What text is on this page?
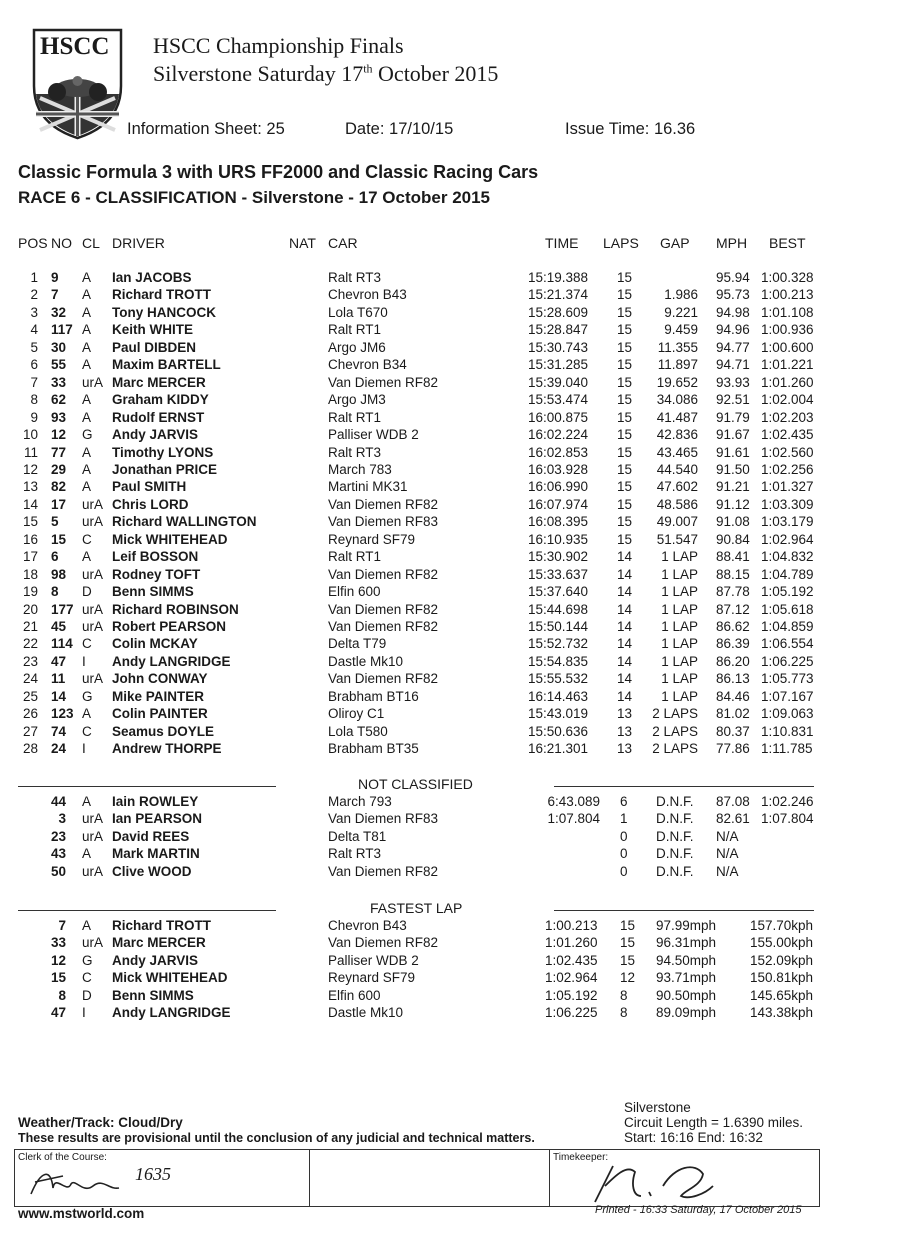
HSCC HSCC Championship Finals
Silverstone Saturday 17th October 2015
Information Sheet: 25	Date: 17/10/15	Issue Time: 16.36
Classic Formula 3 with URS FF2000 and Classic Racing Cars
RACE 6 - CLASSIFICATION - Silverstone - 17 October 2015
POS NO CL DRIVER	NAT CAR	TIME LAPS GAP MPH BEST
1 9 A Ian JACOBS	Ralt RT3	15:19.388 15	95.94 1:00.328
2 7 A Richard TROTT	Chevron B43	15:21.374 15	1.986 95.73 1:00.213
3 32 A Tony HANCOCK	Lola T670	15:28.609 15	9.221 94.98 1:01.108
4 117 A Keith WHITE	Ralt RT1	15:28.847 15	9.459 94.96 1:00.936
5 30 A Paul DIBDEN	Argo JM6	15:30.743 15	11.355 94.77 1:00.600
6 55 A Maxim BARTELL	Chevron B34	15:31.285 15	11.897 94.71 1:01.221
7 33 urA Marc MERCER	Van Diemen RF82	15:39.040 15	19.652 93.93 1:01.260
8 62 A Graham KIDDY	Argo JM3	15:53.474 15	34.086 92.51 1:02.004
9 93 A Rudolf ERNST	Ralt RT1	16:00.875 15	41.487 91.79 1:02.203
10 12 G Andy JARVIS	Palliser WDB 2	16:02.224 15	42.836 91.67 1:02.435
11 77 A Timothy LYONS	Ralt RT3	16:02.853 15	43.465 91.61 1:02.560
12 29 A Jonathan PRICE	March 783	16:03.928 15	44.540 91.50 1:02.256
13 82 A Paul SMITH	Martini MK31	16:06.990 15	47.602 91.21 1:01.327
14 17 urA Chris LORD	Van Diemen RF82	16:07.974 15	48.586 91.12 1:03.309
15 5 urA Richard WALLINGTON	Van Diemen RF83	16:08.395 15	49.007 91.08 1:03.179
16 15 C Mick WHITEHEAD	Reynard SF79	16:10.935 15	51.547 90.84 1:02.964
17 6 A Leif BOSSON	Ralt RT1	15:30.902 14	1 LAP 88.41 1:04.832
18 98 urA Rodney TOFT	Van Diemen RF82	15:33.637 14	1 LAP 88.15 1:04.789
19 8 D Benn SIMMS	Elfin 600	15:37.640 14	1 LAP 87.78 1:05.192
20 177 urA Richard ROBINSON	Van Diemen RF82	15:44.698 14	1 LAP 87.12 1:05.618
21 45 urA Robert PEARSON	Van Diemen RF82	15:50.144 14	1 LAP 86.62 1:04.859
22 114 C Colin MCKAY	Delta T79	15:52.732 14	1 LAP 86.39 1:06.554
23 47 I Andy LANGRIDGE	Dastle Mk10	15:54.835 14	1 LAP 86.20 1:06.225
24 11 urA John CONWAY	Van Diemen RF82	15:55.532 14	1 LAP 86.13 1:05.773
25 14 G Mike PAINTER	Brabham BT16	16:14.463 14	1 LAP 84.46 1:07.167
26 123 A Colin PAINTER	Oliroy C1	15:43.019 13	2 LAPS 81.02 1:09.063
27 74 C Seamus DOYLE	Lola T580	15:50.636 13	2 LAPS 80.37 1:10.831
28 24 I Andrew THORPE	Brabham BT35	16:21.301 13	2 LAPS 77.86 1:11.785
NOT CLASSIFIED
44 A Iain ROWLEY	March 793	6:43.089 6 D.N.F. 87.08 1:02.246
3 urA Ian PEARSON	Van Diemen RF83	1:07.804 1 D.N.F. 82.61 1:07.804
23 urA David REES	Delta T81	0 D.N.F. N/A
43 A Mark MARTIN	Ralt RT3	0 D.N.F. N/A
50 urA Clive WOOD	Van Diemen RF82	0 D.N.F. N/A
FASTEST LAP
7 A Richard TROTT	Chevron B43	1:00.213 15 97.99mph	157.70kph
33 urA Marc MERCER	Van Diemen RF82	1:01.260 15 96.31mph	155.00kph
12 G Andy JARVIS	Palliser WDB 2	1:02.435 15 94.50mph	152.09kph
15 C Mick WHITEHEAD	Reynard SF79	1:02.964 12 93.71mph	150.81kph
8 D Benn SIMMS	Elfin 600	1:05.192 8 90.50mph	145.65kph
47 I Andy LANGRIDGE	Dastle Mk10	1:06.225 8 89.09mph	143.38kph
Silverstone
Circuit Length = 1.6390 miles.
Start: 16:16 End: 16:32
Weather/Track: Cloud/Dry
These results are provisional until the conclusion of any judicial and technical matters.
Clerk of the Course:	Timekeeper:
1635
www.mstworld.com	Printed - 16:33 Saturday, 17 October 2015
